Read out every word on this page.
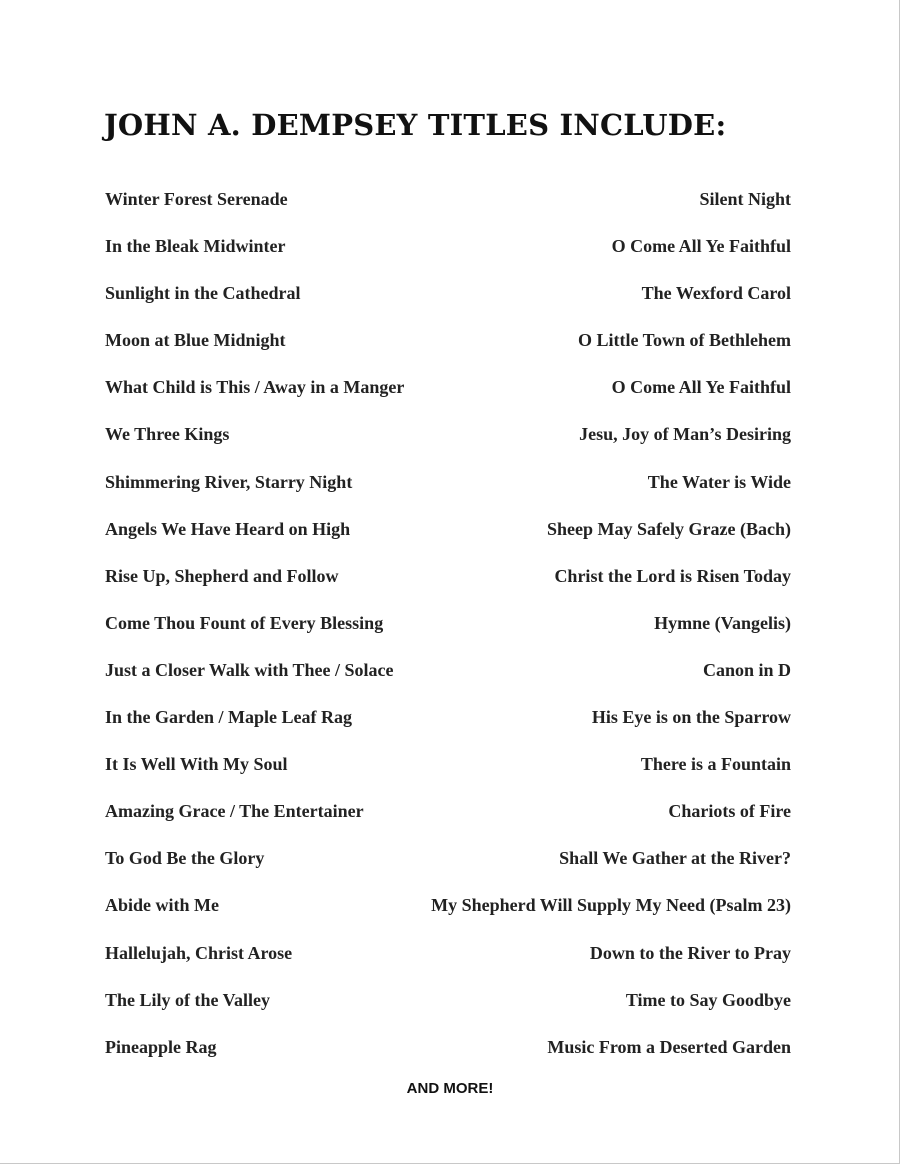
JOHN A. DEMPSEY TITLES INCLUDE:
Winter Forest Serenade	Silent Night
In the Bleak Midwinter	O Come All Ye Faithful
Sunlight in the Cathedral	The Wexford Carol
Moon at Blue Midnight	O Little Town of Bethlehem
What Child is This / Away in a Manger	O Come All Ye Faithful
We Three Kings	Jesu, Joy of Man’s Desiring
Shimmering River, Starry Night	The Water is Wide
Angels We Have Heard on High	Sheep May Safely Graze (Bach)
Rise Up, Shepherd and Follow	Christ the Lord is Risen Today
Come Thou Fount of Every Blessing	Hymne (Vangelis)
Just a Closer Walk with Thee / Solace	Canon in D
In the Garden / Maple Leaf Rag	His Eye is on the Sparrow
It Is Well With My Soul	There is a Fountain
Amazing Grace / The Entertainer	Chariots of Fire
To God Be the Glory	Shall We Gather at the River?
Abide with Me	My Shepherd Will Supply My Need (Psalm 23)
Hallelujah, Christ Arose	Down to the River to Pray
The Lily of the Valley	Time to Say Goodbye
Pineapple Rag	Music From a Deserted Garden
AND MORE!
